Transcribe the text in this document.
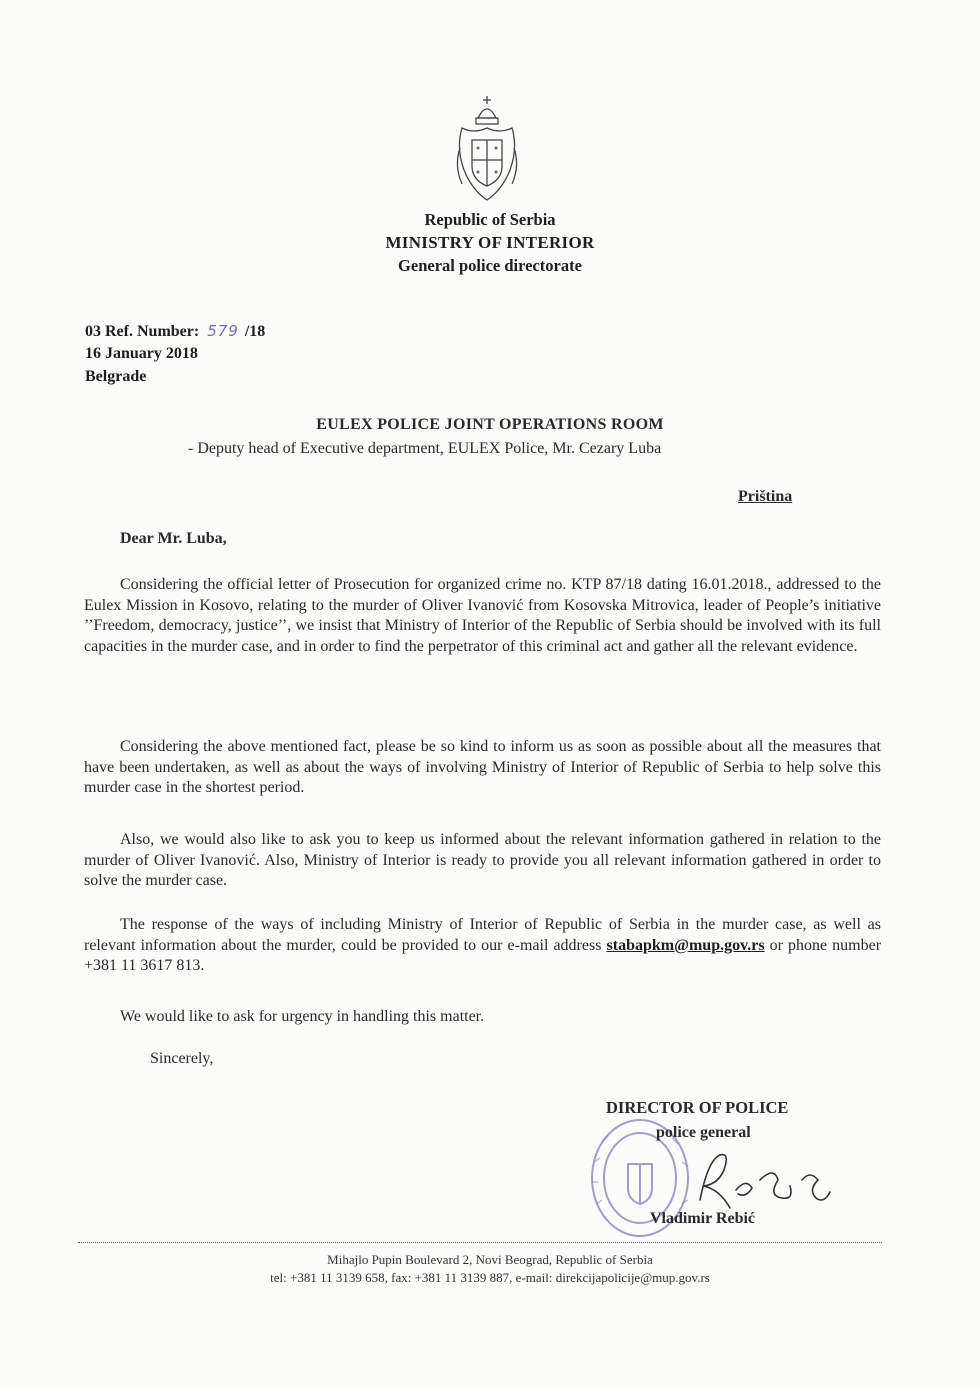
Republic of Serbia
MINISTRY OF INTERIOR
General police directorate
03 Ref. Number: 579 /18
16 January 2018
Belgrade
EULEX POLICE JOINT OPERATIONS ROOM
- Deputy head of Executive department, EULEX Police, Mr. Cezary Luba
Priština
Dear Mr. Luba,

Considering the official letter of Prosecution for organized crime no. KTP 87/18 dating 16.01.2018., addressed to the Eulex Mission in Kosovo, relating to the murder of Oliver Ivanović from Kosovska Mitrovica, leader of People’s initiative ’’Freedom, democracy, justice’’, we insist that Ministry of Interior of the Republic of Serbia should be involved with its full capacities in the murder case, and in order to find the perpetrator of this criminal act and gather all the relevant evidence.

Considering the above mentioned fact, please be so kind to inform us as soon as possible about all the measures that have been undertaken, as well as about the ways of involving Ministry of Interior of Republic of Serbia to help solve this murder case in the shortest period.

Also, we would also like to ask you to keep us informed about the relevant information gathered in relation to the murder of Oliver Ivanović. Also, Ministry of Interior is ready to provide you all relevant information gathered in order to solve the murder case.

The response of the ways of including Ministry of Interior of Republic of Serbia in the murder case, as well as relevant information about the murder, could be provided to our e-mail address stabapkm@mup.gov.rs or phone number +381 11 3617 813.

We would like to ask for urgency in handling this matter.
Sincerely,
DIRECTOR OF POLICE
police general
Vladimir Rebić
Mihajlo Pupin Boulevard 2, Novi Beograd, Republic of Serbia
tel: +381 11 3139 658, fax: +381 11 3139 887, e-mail: direkcijapolicije@mup.gov.rs
